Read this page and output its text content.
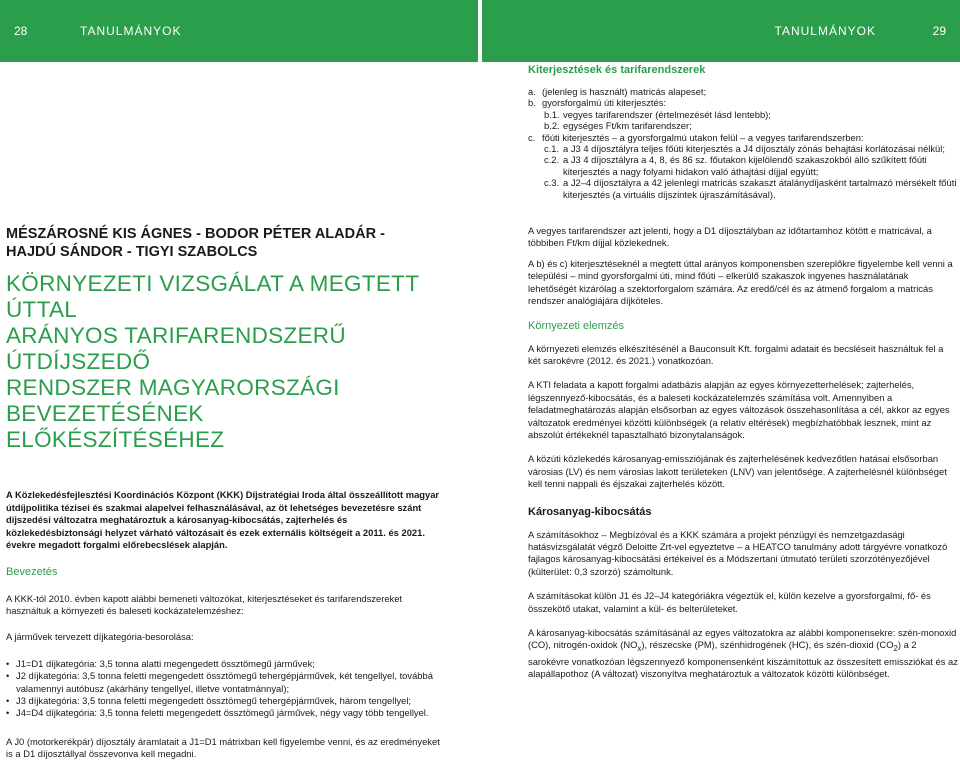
28	TANULMÁNYOK	TANULMÁNYOK	29
MÉSZÁROSNÉ KIS ÁGNES - BODOR PÉTER ALADÁR -
HAJDÚ SÁNDOR - TIGYI SZABOLCS
KÖRNYEZETI VIZSGÁLAT A MEGTETT ÚTTAL
ARÁNYOS TARIFARENDSZERŰ ÚTDÍJSZEDŐ
RENDSZER MAGYARORSZÁGI BEVEZETÉSÉNEK
ELŐKÉSZÍTÉSÉHEZ

A Közlekedésfejlesztési Koordinációs Központ (KKK) Díjstratégiai Iroda által összeállított magyar útdíjpolitika tézisei és szakmai alapelvei felhasználásával, az öt lehetséges bevezetésre szánt díjszedési változatra meghatároztuk a károsanyag-kibocsátás, zajterhelés és közlekedésbiztonsági helyzet várható változásait és ezek externális költségeit a 2011. és 2021. évekre megadott forgalmi előrebecslések alapján.

Bevezetés

A KKK-tól 2010. évben kapott alábbi bemeneti változókat, kiterjesztéseket és tarifarendszereket használtuk a környezeti és baleseti kockázatelemzéshez:

A járművek tervezett díjkategória-besorolása:

• J1=D1 díjkategória: 3,5 tonna alatti megengedett össztömegű járművek;
• J2 díjkategória: 3,5 tonna feletti megengedett össztömegű tehergépjárművek, két tengellyel, továbbá valamennyi autóbusz (akárhány tengellyel, illetve vontatmánnyal);
• J3 díjkategória: 3,5 tonna feletti megengedett össztömegű tehergépjárművek, három tengellyel;
• J4=D4 díjkategória: 3,5 tonna feletti megengedett össztömegű járművek, négy vagy több tengellyel.

A J0 (motorkerékpár) díjosztály áramlatait a J1=D1 mátrixban kell figyelembe venni, és az eredményeket is a D1 díjosztállyal összevonva kell megadni.

Kiterjesztések és tarifarendszerek
a. (jelenleg is használt) matricás alapeset;
b. gyorsforgalmú úti kiterjesztés:
b.1. vegyes tarifarendszer (értelmezését lásd lentebb);
b.2. egységes Ft/km tarifarendszer;
c. főúti kiterjesztés – a gyorsforgalmú utakon felül – a vegyes tarifarendszerben:
c.1. a J3 4 díjosztályra teljes főúti kiterjesztés a J4 díjosztály zónás behajtási korlátozásai nélkül;
c.2. a J3 4 díjosztályra a 4, 8, és 86 sz. főutakon kijelölendő szakaszokból álló szűkített főúti kiterjesztés a nagy folyami hidakon való áthajtási díjjal együtt;
c.3. a J2–4 díjosztályra a 42 jelenlegi matricás szakaszt átalánydíjasként tartalmazó mérsékelt főúti kiterjesztés (a virtuális díjszintek újraszámításával).

A vegyes tarifarendszer azt jelenti, hogy a D1 díjosztályban az időtartamhoz kötött e matricával, a többiben Ft/km díjjal közlekednek.

A b) és c) kiterjesztéseknél a megtett úttal arányos komponensben szereplőkre figyelembe kell venni a települési – mind gyorsforgalmi úti, mind főúti – elkerülő szakaszok ingyenes használatának lehetőségét kizárólag a szektorforgalom számára. Az eredő/cél és az átmenő forgalom a matricás rendszer analógiájára díjköteles.

Környezeti elemzés

A környezeti elemzés elkészítésénél a Bauconsult Kft. forgalmi adatait és becsléseit használtuk fel a két sarokévre (2012. és 2021.) vonatkozóan.

A KTI feladata a kapott forgalmi adatbázis alapján az egyes környezetterhelések; zajterhelés, légszennyező-kibocsátás, és a baleseti kockázatelemzés számítása volt. Amennyiben a feladatmeghatározás alapján elsősorban az egyes változások összehasonlítása a cél, akkor az egyes változatok eredményei közötti különbségek (a relatív eltérések) megbízhatóbbak lesznek, mint az abszolút értékeknél tapasztalható bizonytalanságok.

A közúti közlekedés károsanyag-emissziójának és zajterhelésének kedvezőtlen hatásai elsősorban városias (LV) és nem városias lakott területeken (LNV) van jelentősége. A zajterhelésnél különbséget kell tenni nappali és éjszakai zajterhelés között.

Károsanyag-kibocsátás

A számításokhoz – Megbízóval és a KKK számára a projekt pénzügyi és nemzetgazdasági hatásvizsgálatát végző Deloitte Zrt-vel egyeztetve – a HEATCO tanulmány adott tárgyévre vonatkozó fajlagos károsanyag-kibocsátási értékeivel és a Módszertani útmutató területi szorzótényezőjével (külterület: 0,3 szorzó) számoltunk.

A számításokat külön J1 és J2–J4 kategóriákra végeztük el, külön kezelve a gyorsforgalmi, fő- és összekötő utakat, valamint a kül- és belterületeket.

A károsanyag-kibocsátás számításánál az egyes változatokra az alábbi komponensekre: szén-monoxid (CO), nitrogén-oxidok $(NO_x)$, részecske (PM), szénhidrogének (HC), és szén-dioxid $(CO_2)$ a 2 sarokévre vonatkozóan légszennyező komponensenként kiszámítottuk az összesített emissziókat és az alapállapothoz (A változat) viszonyítva meghatároztuk a változatok közötti különbséget.
